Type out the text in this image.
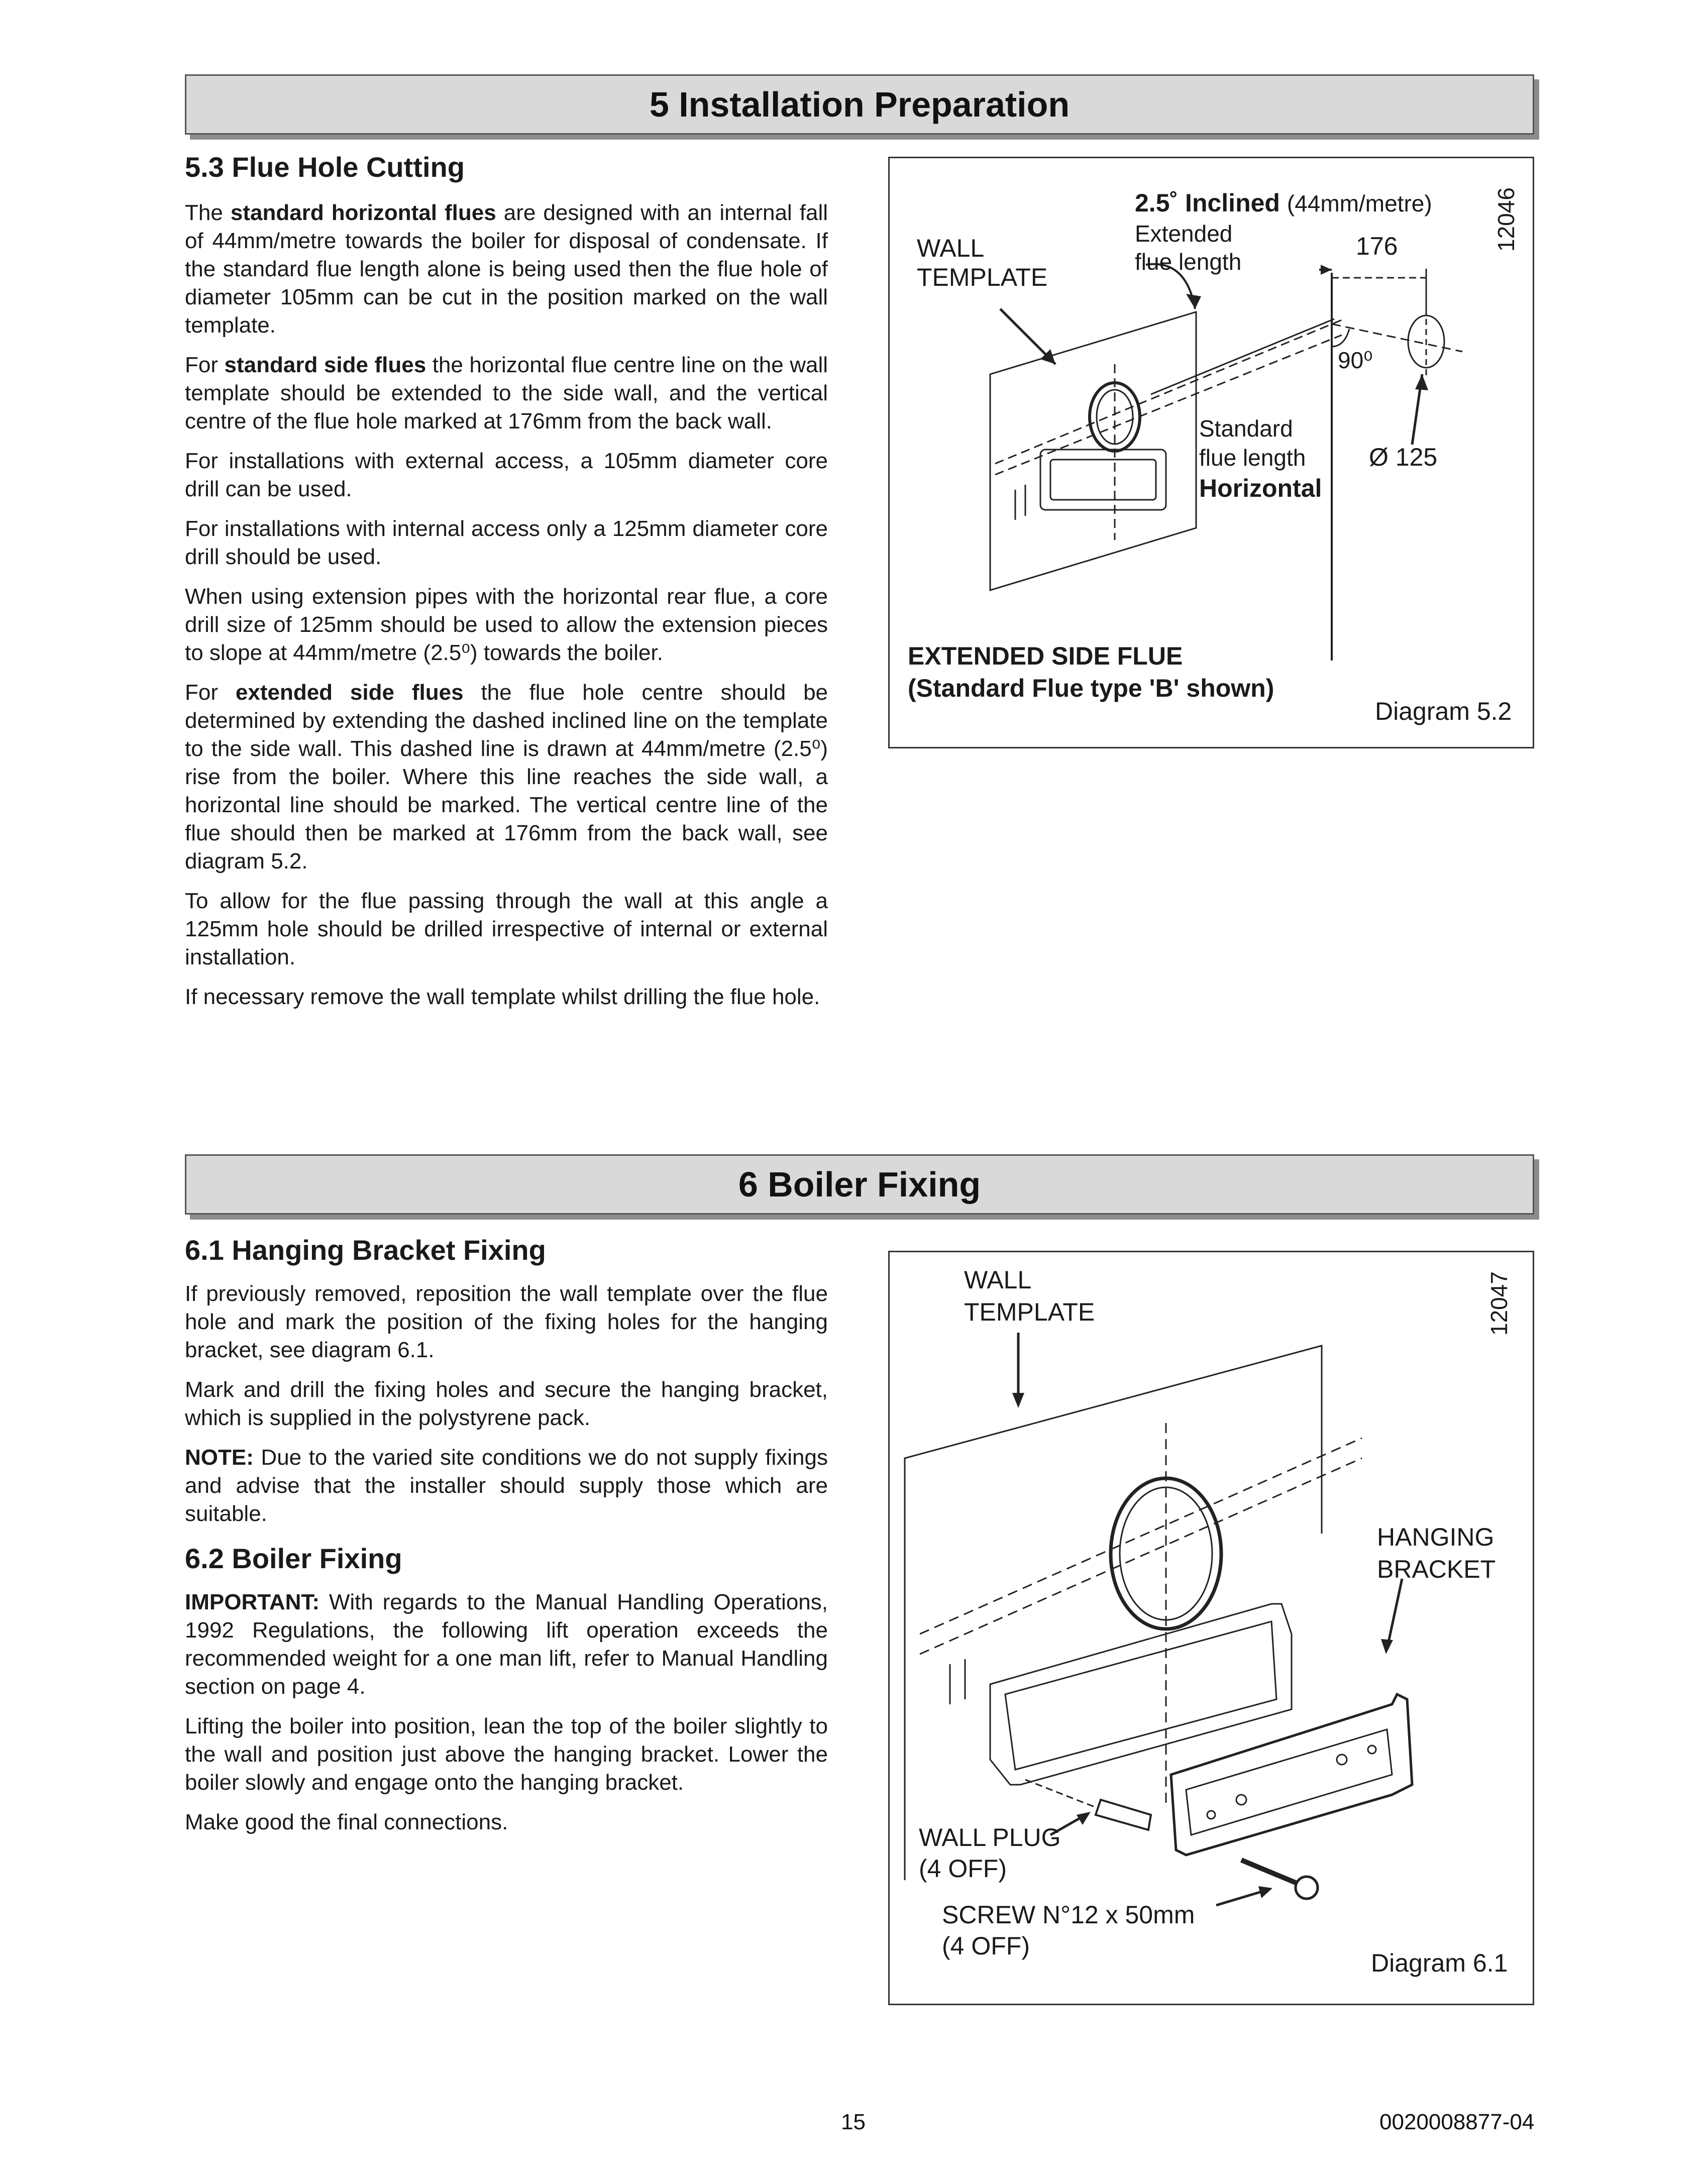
5 Installation Preparation
5.3 Flue Hole Cutting

The standard horizontal flues are designed with an internal fall of 44mm/metre towards the boiler for disposal of condensate. If the standard flue length alone is being used then the flue hole of diameter 105mm can be cut in the position marked on the wall template.

For standard side flues the horizontal flue centre line on the wall template should be extended to the side wall, and the vertical centre of the flue hole marked at 176mm from the back wall.

For installations with external access, a 105mm diameter core drill can be used.

For installations with internal access only a 125mm diameter core drill should be used.

When using extension pipes with the horizontal rear flue, a core drill size of 125mm should be used to allow the extension pieces to slope at 44mm/metre (2.5⁰) towards the boiler.

For extended side flues the flue hole centre should be determined by extending the dashed inclined line on the template to the side wall. This dashed line is drawn at 44mm/metre (2.5⁰) rise from the boiler. Where this line reaches the side wall, a horizontal line should be marked. The vertical centre line of the flue should then be marked at 176mm from the back wall, see diagram 5.2.

To allow for the flue passing through the wall at this angle a 125mm hole should be drilled irrespective of internal or external installation.

If necessary remove the wall template whilst drilling the flue hole.

12046
WALL
TEMPLATE
2.5˚ Inclined (44mm/metre)
Extended
flue length
176
90⁰
Standard
flue length
Horizontal
Ø 125
EXTENDED SIDE FLUE
(Standard Flue type 'B' shown)
Diagram 5.2
6 Boiler Fixing
6.1 Hanging Bracket Fixing

If previously removed, reposition the wall template over the flue hole and mark the position of the fixing holes for the hanging bracket, see diagram 6.1.

Mark and drill the fixing holes and secure the hanging bracket, which is supplied in the polystyrene pack.

NOTE: Due to the varied site conditions we do not supply fixings and advise that the installer should supply those which are suitable.

6.2 Boiler Fixing

IMPORTANT: With regards to the Manual Handling Operations, 1992 Regulations, the following lift operation exceeds the recommended weight for a one man lift, refer to Manual Handling section on page 4.

Lifting the boiler into position, lean the top of the boiler slightly to the wall and position just above the hanging bracket. Lower the boiler slowly and engage onto the hanging bracket.

Make good the final connections.

12047
WALL
TEMPLATE
HANGING
BRACKET
WALL PLUG
(4 OFF)
SCREW N°12 x 50mm
(4 OFF)
Diagram 6.1
15	0020008877-04
